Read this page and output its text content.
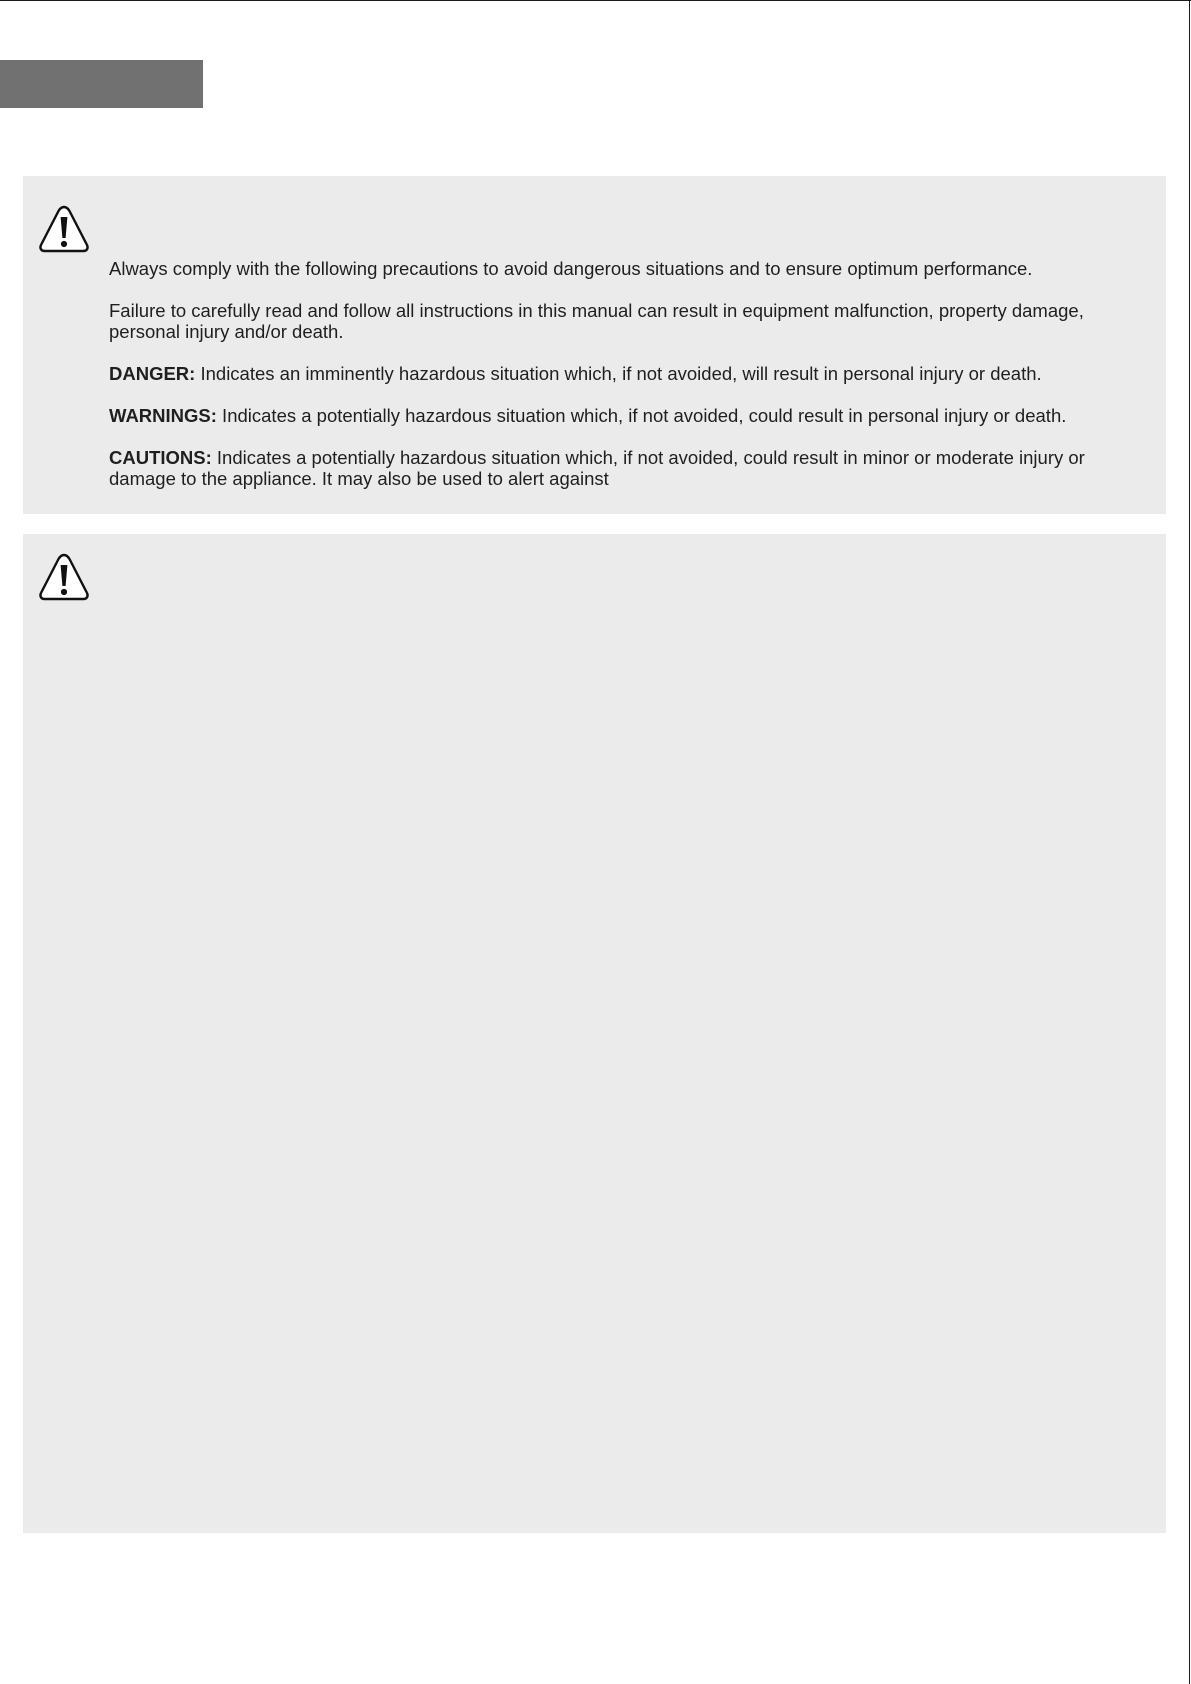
Always comply with the following precautions to avoid dangerous situations and to ensure optimum performance.

Failure to carefully read and follow all instructions in this manual can result in equipment malfunction, property damage, personal injury and/or death.

DANGER: Indicates an imminently hazardous situation which, if not avoided, will result in personal injury or death.

WARNINGS: Indicates a potentially hazardous situation which, if not avoided, could result in personal injury or death.

CAUTIONS: Indicates a potentially hazardous situation which, if not avoided, could result in minor or moderate injury or damage to the appliance. It may also be used to alert against
